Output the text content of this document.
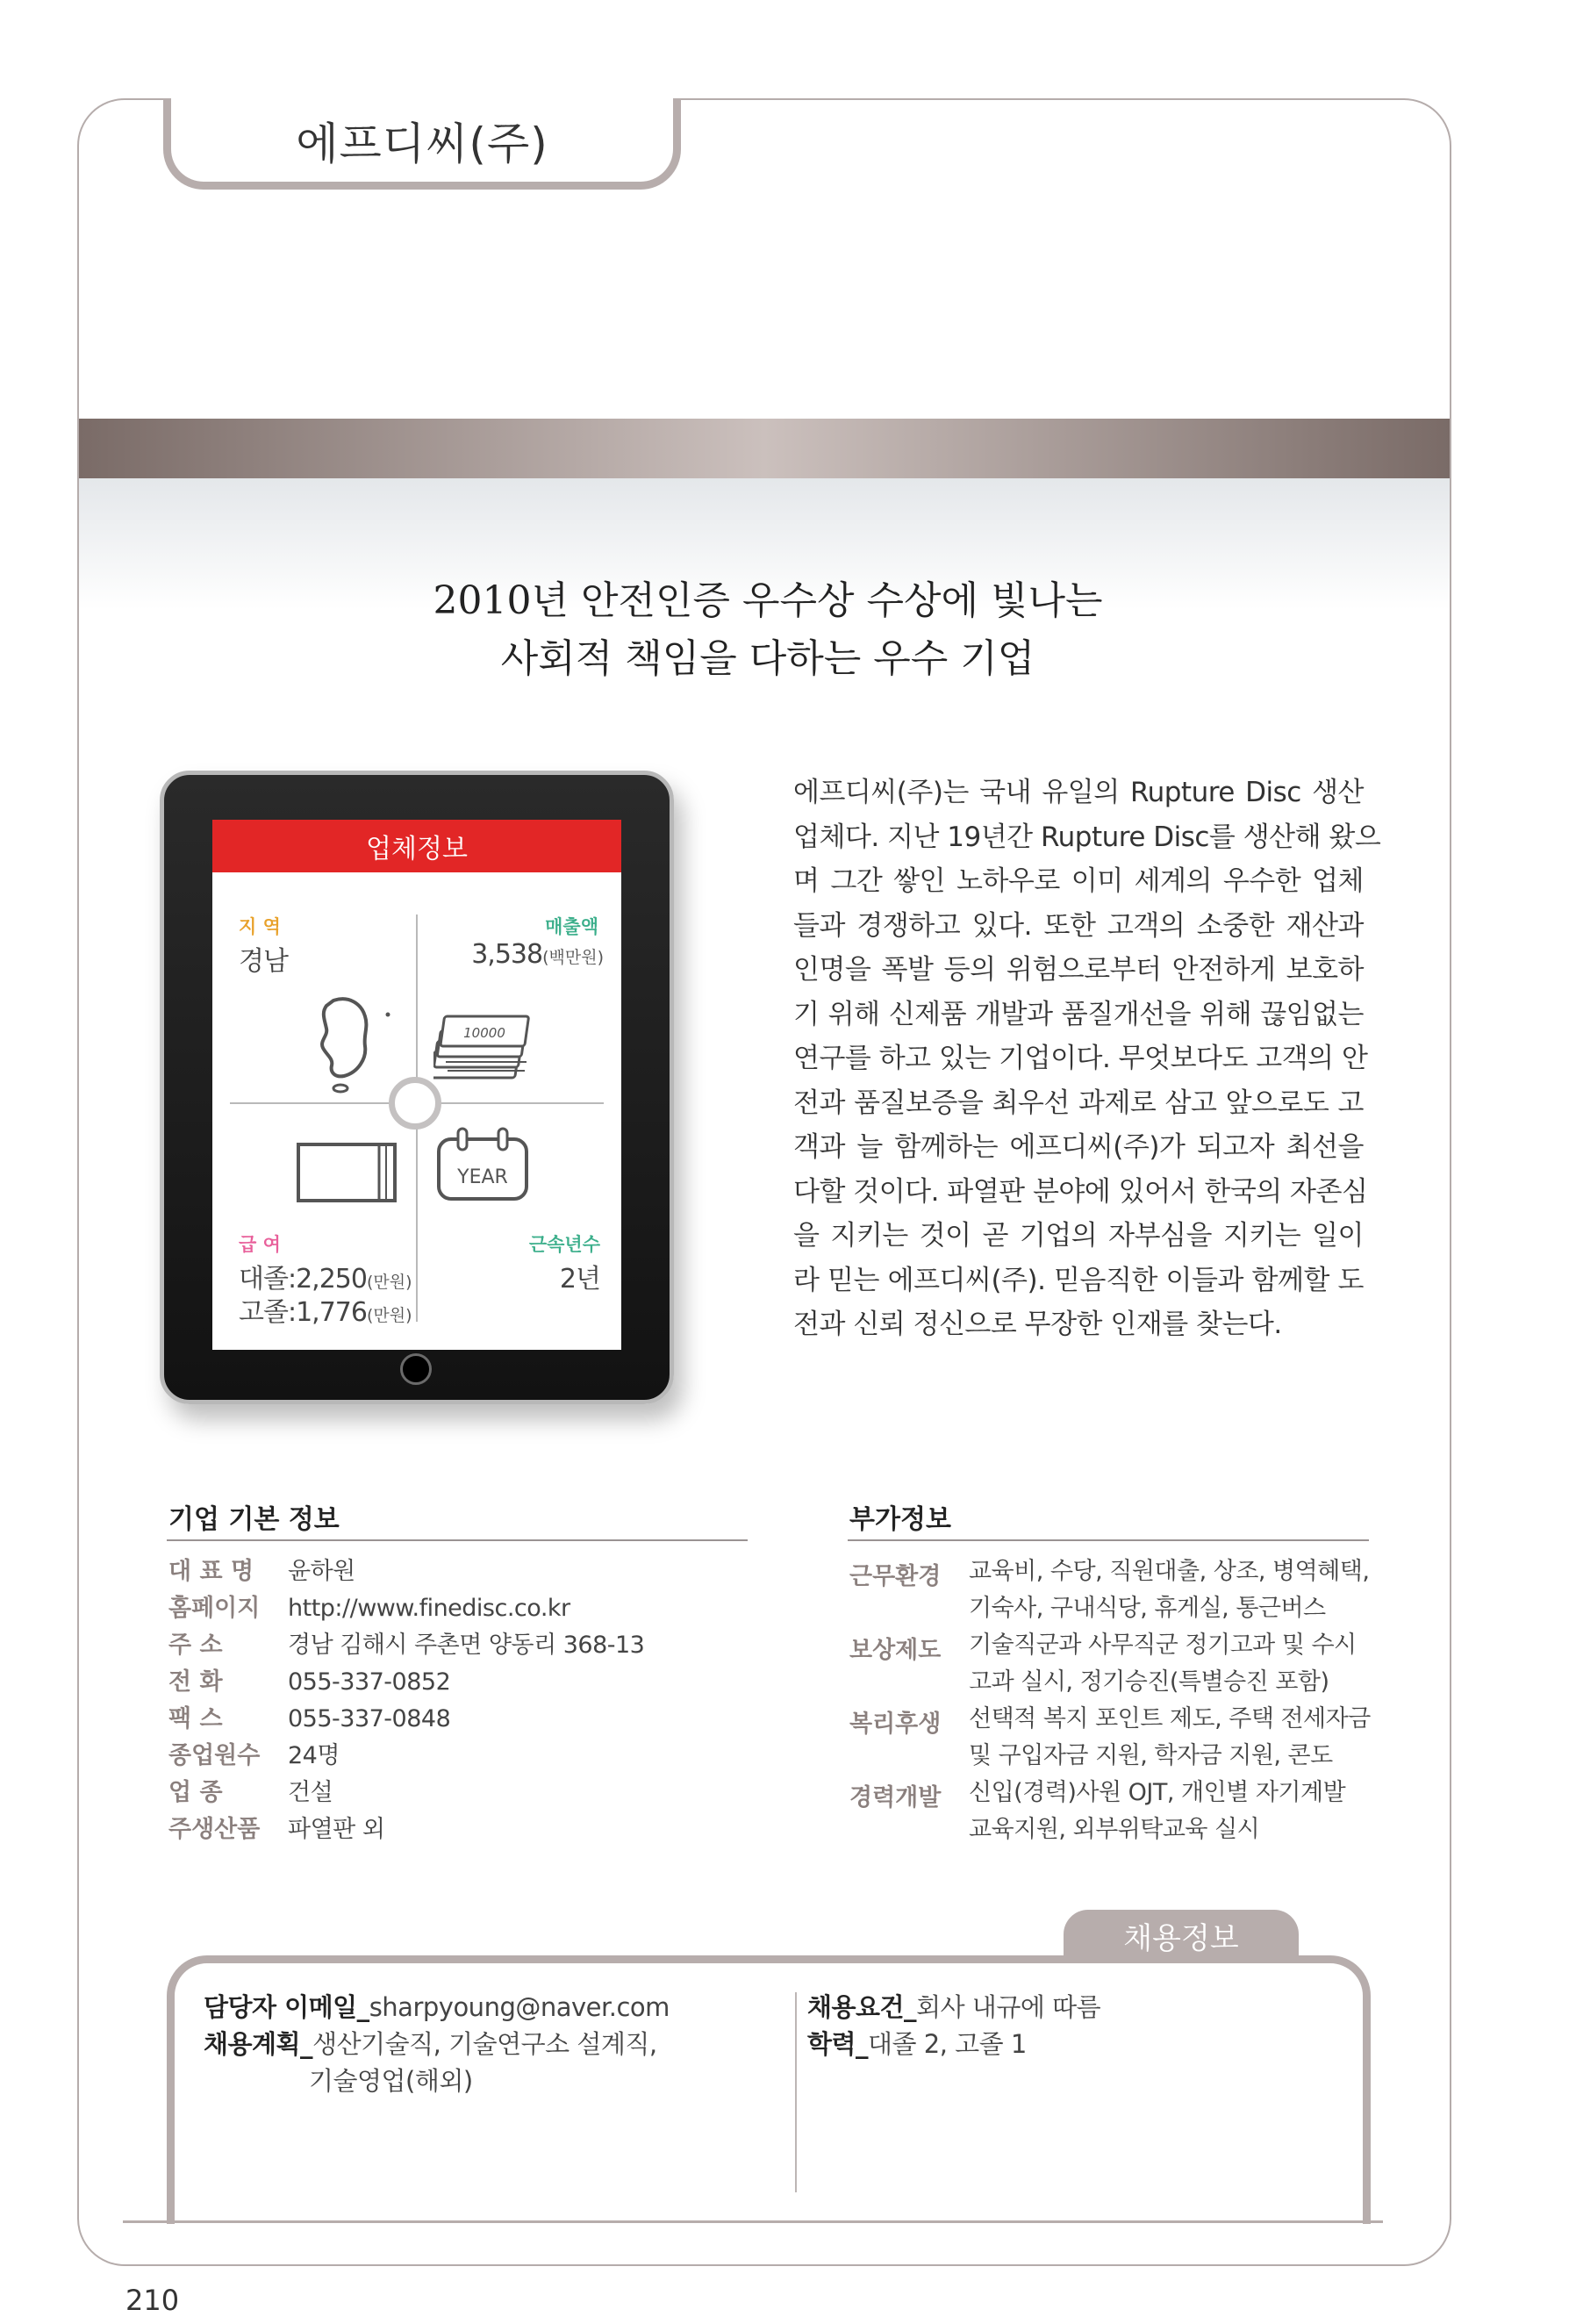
에프디씨(주)
2010년 안전인증 우수상 수상에 빛나는
사회적 책임을 다하는 우수 기업
업체정보
지 역
경남
매출액
3,538(백만원)
10000
YEAR
급 여
대졸:2,250(만원)
고졸:1,776(만원)
근속년수
2년
에프디씨(주)는 국내 유일의 Rupture Disc 생산
업체다. 지난 19년간 Rupture Disc를 생산해 왔으
며 그간 쌓인 노하우로 이미 세계의 우수한 업체
들과 경쟁하고 있다. 또한 고객의 소중한 재산과
인명을 폭발 등의 위험으로부터 안전하게 보호하
기 위해 신제품 개발과 품질개선을 위해 끊임없는
연구를 하고 있는 기업이다. 무엇보다도 고객의 안
전과 품질보증을 최우선 과제로 삼고 앞으로도 고
객과 늘 함께하는 에프디씨(주)가 되고자 최선을
다할 것이다. 파열판 분야에 있어서 한국의 자존심
을 지키는 것이 곧 기업의 자부심을 지키는 일이
라 믿는 에프디씨(주). 믿음직한 이들과 함께할 도
전과 신뢰 정신으로 무장한 인재를 찾는다.
기업 기본 정보
대 표 명 윤하원
홈페이지 http://www.finedisc.co.kr
주 소	경남 김해시 주촌면 양동리 368-13
전 화	055-337-0852
팩 스	055-337-0848
종업원수 24명
업 종	건설
주생산품 파열판 외
부가정보
근무환경 교육비, 수당, 직원대출, 상조, 병역혜택,
기숙사, 구내식당, 휴게실, 통근버스
보상제도 기술직군과 사무직군 정기고과 및 수시
고과 실시, 정기승진(특별승진 포함)
복리후생 선택적 복지 포인트 제도, 주택 전세자금
및 구입자금 지원, 학자금 지원, 콘도
경력개발 신입(경력)사원 OJT, 개인별 자기계발
교육지원, 외부위탁교육 실시
채용정보
담당자 이메일_sharpyoung@naver.com
채용계획_생산기술직, 기술연구소 설계직,
기술영업(해외)
채용요건_회사 내규에 따름
학력_대졸 2, 고졸 1
210
